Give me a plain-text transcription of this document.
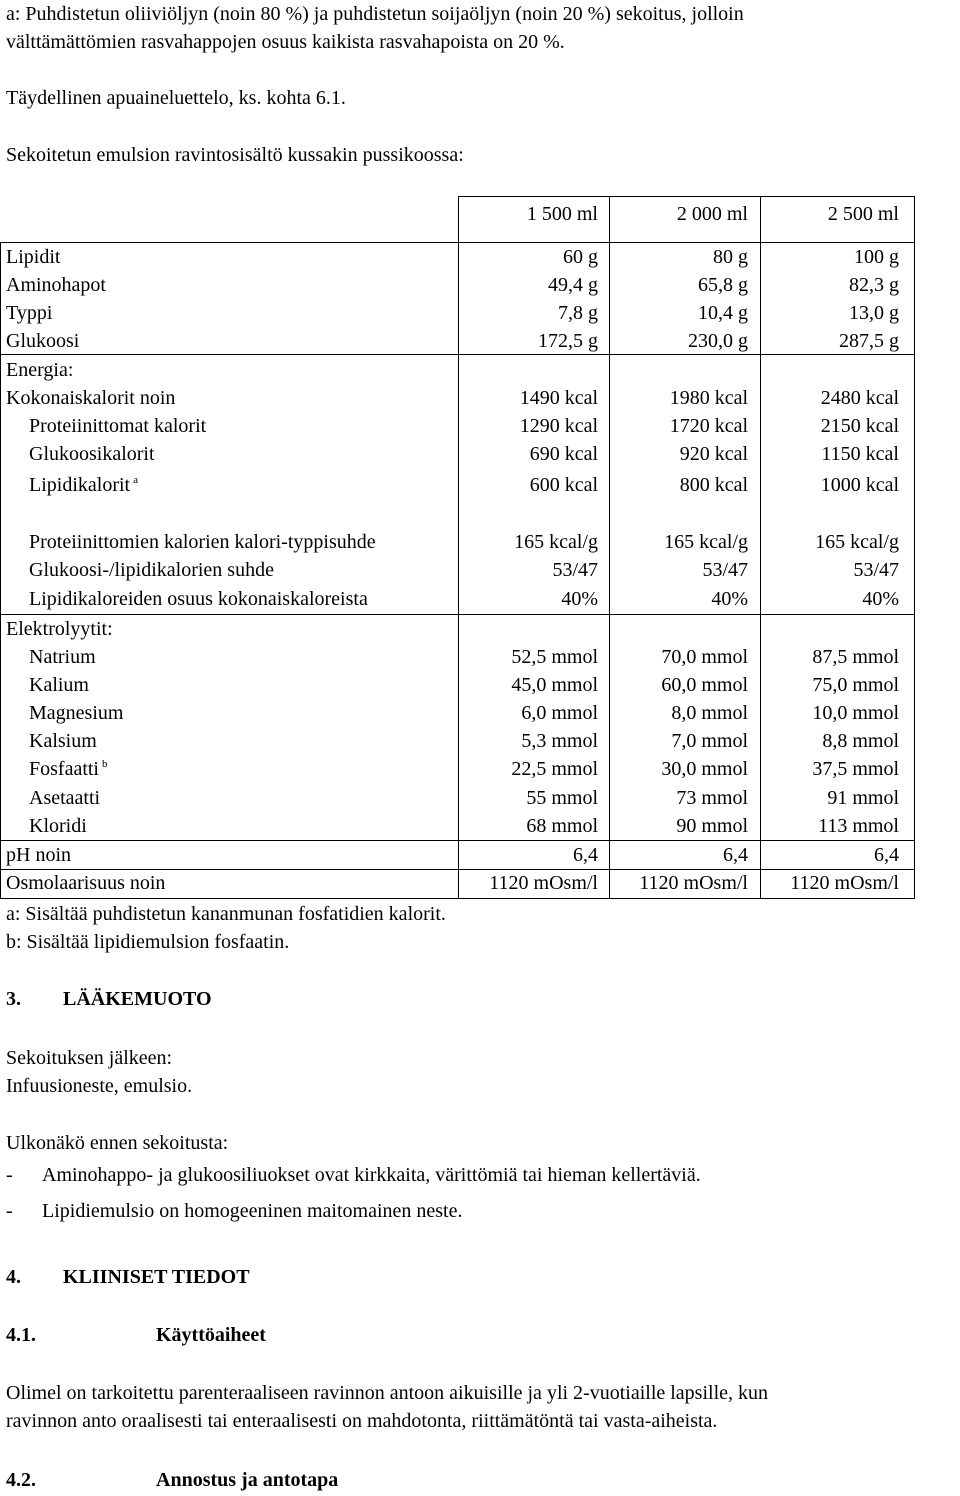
a: Puhdistetun oliiviöljyn (noin 80 %) ja puhdistetun soijaöljyn (noin 20 %) sekoitus, jolloin
välttämättömien rasvahappojen osuus kaikista rasvahapoista on 20 %.
Täydellinen apuaineluettelo, ks. kohta 6.1.
Sekoitetun emulsion ravintosisältö kussakin pussikoossa:
1 500 ml	2 000 ml	2 500 ml
Lipidit	60 g	80 g	100 g
Aminohapot	49,4 g	65,8 g	82,3 g
Typpi	7,8 g	10,4 g	13,0 g
Glukoosi	172,5 g	230,0 g	287,5 g
Energia:
Kokonaiskalorit noin	1490 kcal	1980 kcal	2480 kcal
Proteiinittomat kalorit	1290 kcal	1720 kcal	2150 kcal
Glukoosikalorit	690 kcal	920 kcal	1150 kcal
Lipidikalorit $^a$	600 kcal	800 kcal	1000 kcal
Proteiinittomien kalorien kalori-typpisuhde	165 kcal/g	165 kcal/g	165 kcal/g
Glukoosi-/lipidikalorien suhde	53/47	53/47	53/47
Lipidikaloreiden osuus kokonaiskaloreista	40%	40%	40%
Elektrolyytit:
Natrium	52,5 mmol	70,0 mmol	87,5 mmol
Kalium	45,0 mmol	60,0 mmol	75,0 mmol
Magnesium	6,0 mmol	8,0 mmol	10,0 mmol
Kalsium	5,3 mmol	7,0 mmol	8,8 mmol
Fosfaatti $^b$	22,5 mmol	30,0 mmol	37,5 mmol
Asetaatti	55 mmol	73 mmol	91 mmol
Kloridi	68 mmol	90 mmol	113 mmol
pH noin	6,4	6,4	6,4
Osmolaarisuus noin	1120 mOsm/l 1120 mOsm/l 1120 mOsm/l
a: Sisältää puhdistetun kananmunan fosfatidien kalorit.
b: Sisältää lipidiemulsion fosfaatin.
3. LÄÄKEMUOTO
Sekoituksen jälkeen:
Infuusioneste, emulsio.
Ulkonäkö ennen sekoitusta:
- Aminohappo- ja glukoosiliuokset ovat kirkkaita, värittömiä tai hieman kellertäviä.
- Lipidiemulsio on homogeeninen maitomainen neste.
4. KLIINISET TIEDOT
4.1.	Käyttöaiheet
Olimel on tarkoitettu parenteraaliseen ravinnon antoon aikuisille ja yli 2-vuotiaille lapsille, kun
ravinnon anto oraalisesti tai enteraalisesti on mahdotonta, riittämätöntä tai vasta-aiheista.
4.2.	Annostus ja antotapa
